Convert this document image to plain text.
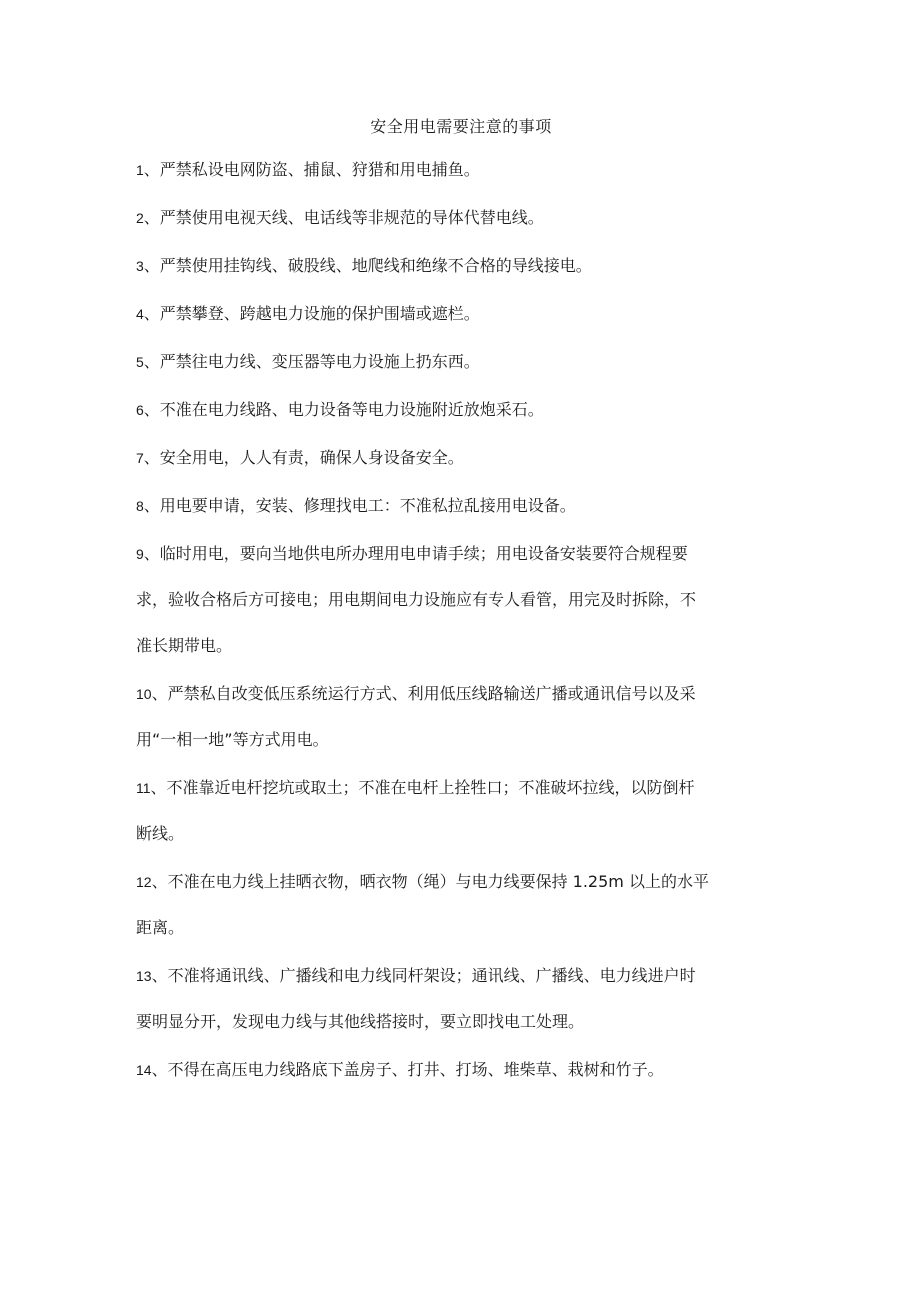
安全用电需要注意的事项
1、严禁私设电网防盗、捕鼠、狩猎和用电捕鱼。
2、严禁使用电视天线、电话线等非规范的导体代替电线。
3、严禁使用挂钩线、破股线、地爬线和绝缘不合格的导线接电。
4、严禁攀登、跨越电力设施的保护围墙或遮栏。
5、严禁往电力线、变压器等电力设施上扔东西。
6、不准在电力线路、电力设备等电力设施附近放炮采石。
7、安全用电，人人有责，确保人身设备安全。
8、用电要申请，安装、修理找电工：不准私拉乱接用电设备。
9、临时用电，要向当地供电所办理用电申请手续；用电设备安装要符合规程要
求，验收合格后方可接电；用电期间电力设施应有专人看管，用完及时拆除，不
准长期带电。
10、严禁私自改变低压系统运行方式、利用低压线路输送广播或通讯信号以及采
用“一相一地”等方式用电。
11、不准靠近电杆挖坑或取土；不准在电杆上拴牲口；不准破坏拉线，以防倒杆
断线。
12、不准在电力线上挂晒衣物，晒衣物（绳）与电力线要保持 1.25m 以上的水平
距离。
13、不准将通讯线、广播线和电力线同杆架设；通讯线、广播线、电力线进户时
要明显分开，发现电力线与其他线搭接时，要立即找电工处理。
14、不得在高压电力线路底下盖房子、打井、打场、堆柴草、栽树和竹子。
